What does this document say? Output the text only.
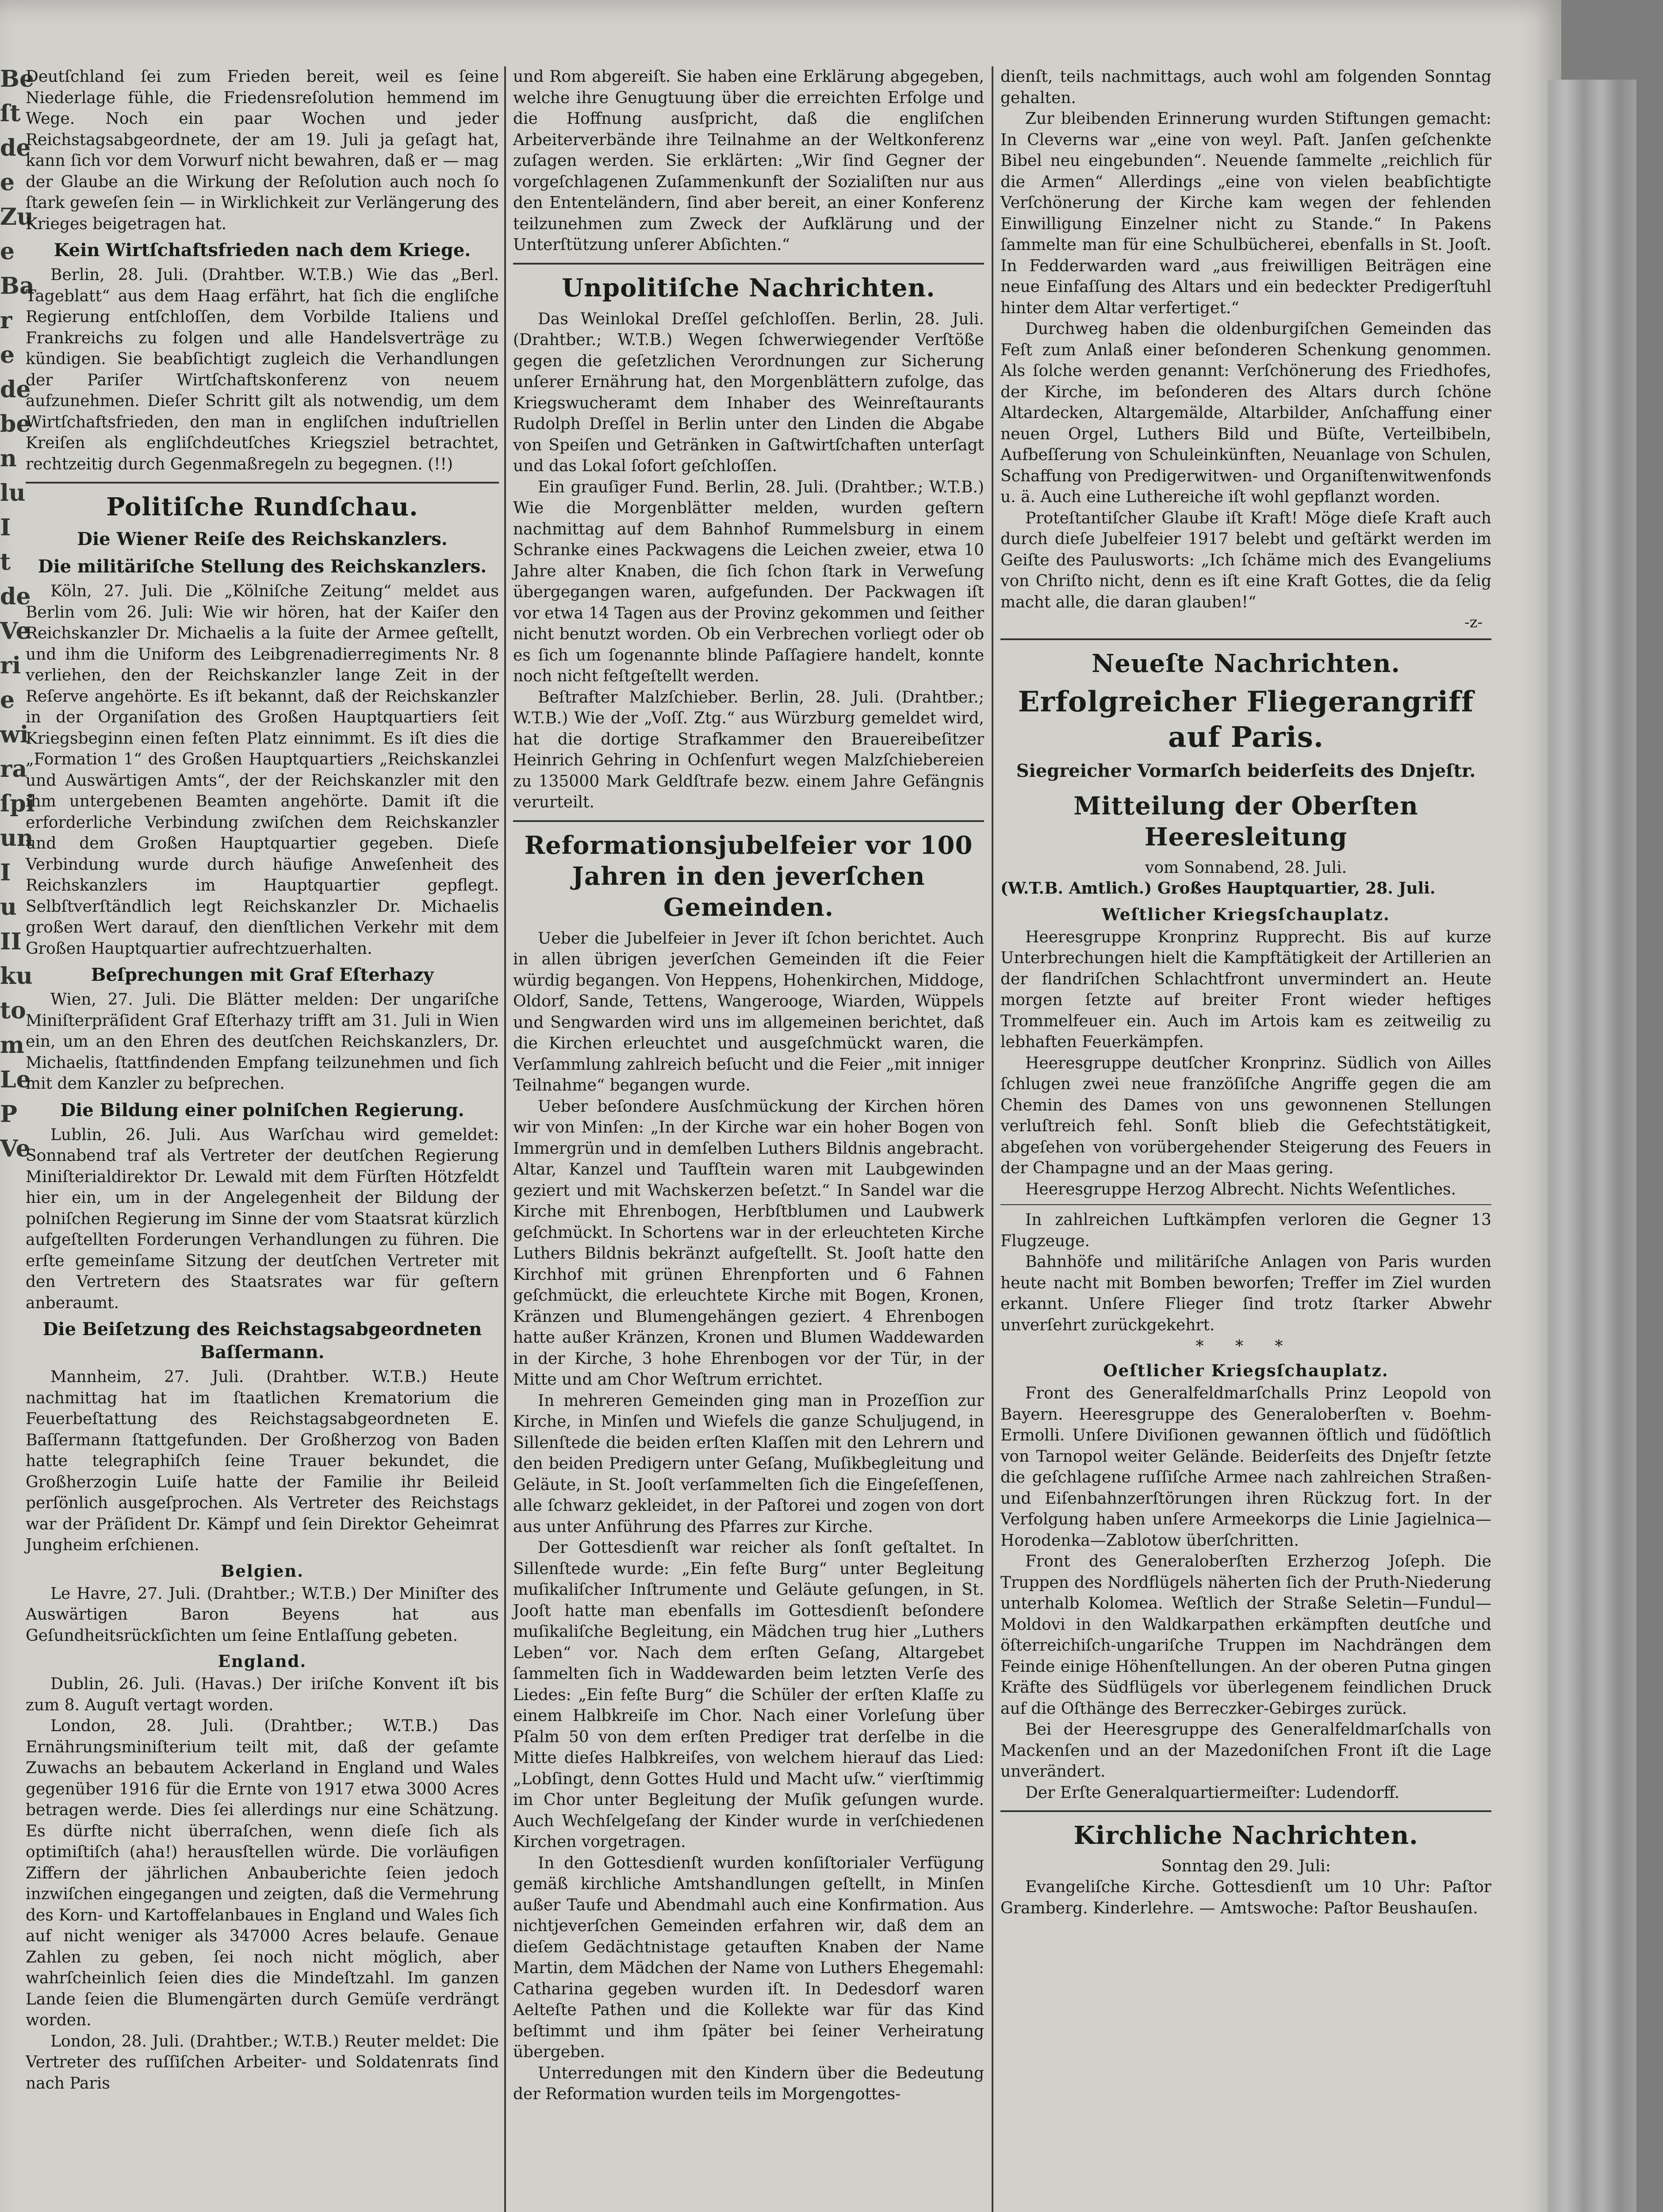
Be
ſt
de
e
Zu
e
Ba
r
e
de
be
n
lu
I
t
de
Ve
ri
e
wi
ra
ſpi
un
I
u
II
ku
to
m
Le
P
Ve

Deutſchland ſei zum Frieden bereit, weil es ſeine Niederlage fühle, die Friedensreſolution hemmend im Wege. Noch ein paar Wochen und jeder Reichstagsabgeordnete, der am 19. Juli ja geſagt hat, kann ſich vor dem Vorwurf nicht bewahren, daß er — mag der Glaube an die Wirkung der Reſolution auch noch ſo ſtark geweſen ſein — in Wirklichkeit zur Verlängerung des Krieges beigetragen hat.

Kein Wirtſchaftsfrieden nach dem Kriege.

Berlin, 28. Juli. (Drahtber. W.T.B.) Wie das „Berl. Tageblatt“ aus dem Haag erfährt, hat ſich die engliſche Regierung entſchloſſen, dem Vorbilde Italiens und Frankreichs zu folgen und alle Handelsverträge zu kündigen. Sie beabſichtigt zugleich die Verhandlungen der Pariſer Wirtſchaftskonferenz von neuem aufzunehmen. Dieſer Schritt gilt als notwendig, um dem Wirtſchaftsfrieden, den man in engliſchen induſtriellen Kreiſen als engliſchdeutſches Kriegsziel betrachtet, rechtzeitig durch Gegenmaßregeln zu begegnen. (!!)

Politiſche Rundſchau.
Die Wiener Reiſe des Reichskanzlers.
Die militäriſche Stellung des Reichskanzlers.

Köln, 27. Juli. Die „Kölniſche Zeitung“ meldet aus Berlin vom 26. Juli: Wie wir hören, hat der Kaiſer den Reichskanzler Dr. Michaelis a la ſuite der Armee geſtellt, und ihm die Uniform des Leibgrenadierregiments Nr. 8 verliehen, den der Reichskanzler lange Zeit in der Reſerve angehörte. Es iſt bekannt, daß der Reichskanzler in der Organiſation des Großen Hauptquartiers ſeit Kriegsbeginn einen feſten Platz einnimmt. Es iſt dies die „Formation 1“ des Großen Hauptquartiers „Reichskanzlei und Auswärtigen Amts“, der der Reichskanzler mit den ihm untergebenen Beamten angehörte. Damit iſt die erforderliche Verbindung zwiſchen dem Reichskanzler und dem Großen Hauptquartier gegeben. Dieſe Verbindung wurde durch häufige Anweſenheit des Reichskanzlers im Hauptquartier gepflegt. Selbſtverſtändlich legt Reichskanzler Dr. Michaelis großen Wert darauf, den dienſtlichen Verkehr mit dem Großen Hauptquartier aufrechtzuerhalten.

Beſprechungen mit Graf Eſterhazy

Wien, 27. Juli. Die Blätter melden: Der ungariſche Miniſterpräſident Graf Eſterhazy trifft am 31. Juli in Wien ein, um an den Ehren des deutſchen Reichskanzlers, Dr. Michaelis, ſtattfindenden Empfang teilzunehmen und ſich mit dem Kanzler zu beſprechen.

Die Bildung einer polniſchen Regierung.

Lublin, 26. Juli. Aus Warſchau wird gemeldet: Sonnabend traf als Vertreter der deutſchen Regierung Miniſterialdirektor Dr. Lewald mit dem Fürſten Hötzfeldt hier ein, um in der Angelegenheit der Bildung der polniſchen Regierung im Sinne der vom Staatsrat kürzlich aufgeſtellten Forderungen Verhandlungen zu führen. Die erſte gemeinſame Sitzung der deutſchen Vertreter mit den Vertretern des Staatsrates war für geſtern anberaumt.

Die Beiſetzung des Reichstagsabgeordneten Baſſermann.

Mannheim, 27. Juli. (Drahtber. W.T.B.) Heute nachmittag hat im ſtaatlichen Krematorium die Feuerbeſtattung des Reichstagsabgeordneten E. Baſſermann ſtattgefunden. Der Großherzog von Baden hatte telegraphiſch ſeine Trauer bekundet, die Großherzogin Luiſe hatte der Familie ihr Beileid perſönlich ausgeſprochen. Als Vertreter des Reichstags war der Präſident Dr. Kämpf und ſein Direktor Geheimrat Jungheim erſchienen.

Belgien.

Le Havre, 27. Juli. (Drahtber.; W.T.B.) Der Miniſter des Auswärtigen Baron Beyens hat aus Geſundheitsrückſichten um ſeine Entlaſſung gebeten.

England.

Dublin, 26. Juli. (Havas.) Der iriſche Konvent iſt bis zum 8. Auguſt vertagt worden.

London, 28. Juli. (Drahtber.; W.T.B.) Das Ernährungsminiſterium teilt mit, daß der geſamte Zuwachs an bebautem Ackerland in England und Wales gegenüber 1916 für die Ernte von 1917 etwa 3000 Acres betragen werde. Dies ſei allerdings nur eine Schätzung. Es dürfte nicht überraſchen, wenn dieſe ſich als optimiſtiſch (aha!) herausſtellen würde. Die vorläufigen Ziffern der jährlichen Anbauberichte ſeien jedoch inzwiſchen eingegangen und zeigten, daß die Vermehrung des Korn- und Kartoffelanbaues in England und Wales ſich auf nicht weniger als 347000 Acres belaufe. Genaue Zahlen zu geben, ſei noch nicht möglich, aber wahrſcheinlich ſeien dies die Mindeſtzahl. Im ganzen Lande ſeien die Blumengärten durch Gemüſe verdrängt worden.

London, 28. Juli. (Drahtber.; W.T.B.) Reuter meldet: Die Vertreter des ruſſiſchen Arbeiter- und Soldatenrats ſind nach Paris

und Rom abgereiſt. Sie haben eine Erklärung abgegeben, welche ihre Genugtuung über die erreichten Erfolge und die Hoffnung ausſpricht, daß die engliſchen Arbeiterverbände ihre Teilnahme an der Weltkonferenz zuſagen werden. Sie erklärten: „Wir ſind Gegner der vorgeſchlagenen Zuſammenkunft der Sozialiſten nur aus den Ententeländern, ſind aber bereit, an einer Konferenz teilzunehmen zum Zweck der Aufklärung und der Unterſtützung unſerer Abſichten.“

Unpolitiſche Nachrichten.

Das Weinlokal Dreſſel geſchloſſen. Berlin, 28. Juli. (Drahtber.; W.T.B.) Wegen ſchwerwiegender Verſtöße gegen die geſetzlichen Verordnungen zur Sicherung unſerer Ernährung hat, den Morgenblättern zufolge, das Kriegswucheramt dem Inhaber des Weinreſtaurants Rudolph Dreſſel in Berlin unter den Linden die Abgabe von Speiſen und Getränken in Gaſtwirtſchaften unterſagt und das Lokal ſofort geſchloſſen.

Ein grauſiger Fund. Berlin, 28. Juli. (Drahtber.; W.T.B.) Wie die Morgenblätter melden, wurden geſtern nachmittag auf dem Bahnhof Rummelsburg in einem Schranke eines Packwagens die Leichen zweier, etwa 10 Jahre alter Knaben, die ſich ſchon ſtark in Verweſung übergegangen waren, aufgefunden. Der Packwagen iſt vor etwa 14 Tagen aus der Provinz gekommen und ſeither nicht benutzt worden. Ob ein Verbrechen vorliegt oder ob es ſich um ſogenannte blinde Paſſagiere handelt, konnte noch nicht feſtgeſtellt werden.

Beſtrafter Malzſchieber. Berlin, 28. Juli. (Drahtber.; W.T.B.) Wie der „Voſſ. Ztg.“ aus Würzburg gemeldet wird, hat die dortige Strafkammer den Brauereibeſitzer Heinrich Gehring in Ochſenfurt wegen Malzſchiebereien zu 135000 Mark Geldſtrafe bezw. einem Jahre Gefängnis verurteilt.

Reformationsjubelfeier vor 100 Jahren in den jeverſchen Gemeinden.

Ueber die Jubelfeier in Jever iſt ſchon berichtet. Auch in allen übrigen jeverſchen Gemeinden iſt die Feier würdig begangen. Von Heppens, Hohenkirchen, Middoge, Oldorf, Sande, Tettens, Wangerooge, Wiarden, Wüppels und Sengwarden wird uns im allgemeinen berichtet, daß die Kirchen erleuchtet und ausgeſchmückt waren, die Verſammlung zahlreich beſucht und die Feier „mit inniger Teilnahme“ begangen wurde.

Ueber beſondere Ausſchmückung der Kirchen hören wir von Minſen: „In der Kirche war ein hoher Bogen von Immergrün und in demſelben Luthers Bildnis angebracht. Altar, Kanzel und Taufſtein waren mit Laubgewinden geziert und mit Wachskerzen beſetzt.“ In Sandel war die Kirche mit Ehrenbogen, Herbſtblumen und Laubwerk geſchmückt. In Schortens war in der erleuchteten Kirche Luthers Bildnis bekränzt aufgeſtellt. St. Jooſt hatte den Kirchhof mit grünen Ehrenpforten und 6 Fahnen geſchmückt, die erleuchtete Kirche mit Bogen, Kronen, Kränzen und Blumengehängen geziert. 4 Ehrenbogen hatte außer Kränzen, Kronen und Blumen Waddewarden in der Kirche, 3 hohe Ehrenbogen vor der Tür, in der Mitte und am Chor Weſtrum errichtet.

In mehreren Gemeinden ging man in Prozeſſion zur Kirche, in Minſen und Wiefels die ganze Schuljugend, in Sillenſtede die beiden erſten Klaſſen mit den Lehrern und den beiden Predigern unter Geſang, Muſikbegleitung und Geläute, in St. Jooſt verſammelten ſich die Eingeſeſſenen, alle ſchwarz gekleidet, in der Paſtorei und zogen von dort aus unter Anführung des Pfarres zur Kirche.

Der Gottesdienſt war reicher als ſonſt geſtaltet. In Sillenſtede wurde: „Ein feſte Burg“ unter Begleitung muſikaliſcher Inſtrumente und Geläute geſungen, in St. Jooſt hatte man ebenfalls im Gottesdienſt beſondere muſikaliſche Begleitung, ein Mädchen trug hier „Luthers Leben“ vor. Nach dem erſten Geſang, Altargebet ſammelten ſich in Waddewarden beim letzten Verſe des Liedes: „Ein feſte Burg“ die Schüler der erſten Klaſſe zu einem Halbkreiſe im Chor. Nach einer Vorleſung über Pſalm 50 von dem erſten Prediger trat derſelbe in die Mitte dieſes Halbkreiſes, von welchem hierauf das Lied: „Lobſingt, denn Gottes Huld und Macht uſw.“ vierſtimmig im Chor unter Begleitung der Muſik geſungen wurde. Auch Wechſelgeſang der Kinder wurde in verſchiedenen Kirchen vorgetragen.

In den Gottesdienſt wurden konſiſtorialer Verfügung gemäß kirchliche Amtshandlungen geſtellt, in Minſen außer Taufe und Abendmahl auch eine Konfirmation. Aus nichtjeverſchen Gemeinden erfahren wir, daß dem an dieſem Gedächtnistage getauften Knaben der Name Martin, dem Mädchen der Name von Luthers Ehegemahl: Catharina gegeben wurden iſt. In Dedesdorf waren Aelteſte Pathen und die Kollekte war für das Kind beſtimmt und ihm ſpäter bei ſeiner Verheiratung übergeben.

Unterredungen mit den Kindern über die Bedeutung der Reformation wurden teils im Morgengottes-

dienſt, teils nachmittags, auch wohl am folgenden Sonntag gehalten.

Zur bleibenden Erinnerung wurden Stiftungen gemacht: In Cleverns war „eine von weyl. Paſt. Janſen geſchenkte Bibel neu eingebunden“. Neuende ſammelte „reichlich für die Armen“ Allerdings „eine von vielen beabſichtigte Verſchönerung der Kirche kam wegen der fehlenden Einwilligung Einzelner nicht zu Stande.“ In Pakens ſammelte man für eine Schulbücherei, ebenfalls in St. Jooſt. In Fedderwarden ward „aus freiwilligen Beiträgen eine neue Einfaſſung des Altars und ein bedeckter Predigerſtuhl hinter dem Altar verfertiget.“

Durchweg haben die oldenburgiſchen Gemeinden das Feſt zum Anlaß einer beſonderen Schenkung genommen. Als ſolche werden genannt: Verſchönerung des Friedhofes, der Kirche, im beſonderen des Altars durch ſchöne Altardecken, Altargemälde, Altarbilder, Anſchaffung einer neuen Orgel, Luthers Bild und Büſte, Verteilbibeln, Aufbeſſerung von Schuleinkünften, Neuanlage von Schulen, Schaffung von Predigerwitwen- und Organiſtenwitwenfonds u. ä. Auch eine Luthereiche iſt wohl gepflanzt worden.

Proteſtantiſcher Glaube iſt Kraft! Möge dieſe Kraft auch durch dieſe Jubelfeier 1917 belebt und geſtärkt werden im Geiſte des Paulusworts: „Ich ſchäme mich des Evangeliums von Chriſto nicht, denn es iſt eine Kraft Gottes, die da ſelig macht alle, die daran glauben!“

-z-
Neueſte Nachrichten.
Erfolgreicher Fliegerangriff auf Paris.
Siegreicher Vormarſch beiderſeits des Dnjeſtr.
Mitteilung der Oberſten Heeresleitung

vom Sonnabend, 28. Juli.

(W.T.B. Amtlich.) Großes Hauptquartier, 28. Juli.

Weſtlicher Kriegsſchauplatz.

Heeresgruppe Kronprinz Rupprecht. Bis auf kurze Unterbrechungen hielt die Kampftätigkeit der Artillerien an der flandriſchen Schlachtfront unvermindert an. Heute morgen ſetzte auf breiter Front wieder heftiges Trommelfeuer ein. Auch im Artois kam es zeitweilig zu lebhaften Feuerkämpfen.

Heeresgruppe deutſcher Kronprinz. Südlich von Ailles ſchlugen zwei neue franzöſiſche Angriffe gegen die am Chemin des Dames von uns gewonnenen Stellungen verluſtreich fehl. Sonſt blieb die Gefechtstätigkeit, abgeſehen von vorübergehender Steigerung des Feuers in der Champagne und an der Maas gering.

Heeresgruppe Herzog Albrecht. Nichts Weſentliches.

In zahlreichen Luftkämpfen verloren die Gegner 13 Flugzeuge.

Bahnhöfe und militäriſche Anlagen von Paris wurden heute nacht mit Bomben beworfen; Treffer im Ziel wurden erkannt. Unſere Flieger ſind trotz ſtarker Abwehr unverſehrt zurückgekehrt.

* * *
Oeſtlicher Kriegsſchauplatz.

Front des Generalfeldmarſchalls Prinz Leopold von Bayern. Heeresgruppe des Generaloberſten v. Boehm-Ermolli. Unſere Diviſionen gewannen öſtlich und ſüdöſtlich von Tarnopol weiter Gelände. Beiderſeits des Dnjeſtr ſetzte die geſchlagene ruſſiſche Armee nach zahlreichen Straßen- und Eiſenbahnzerſtörungen ihren Rückzug fort. In der Verfolgung haben unſere Armeekorps die Linie Jagielnica—Horodenka—Zablotow überſchritten.

Front des Generaloberſten Erzherzog Joſeph. Die Truppen des Nordflügels näherten ſich der Pruth-Niederung unterhalb Kolomea. Weſtlich der Straße Seletin—Fundul—Moldovi in den Waldkarpathen erkämpften deutſche und öſterreichiſch-ungariſche Truppen im Nachdrängen dem Feinde einige Höhenſtellungen. An der oberen Putna gingen Kräfte des Südflügels vor überlegenem feindlichen Druck auf die Oſthänge des Berreczker-Gebirges zurück.

Bei der Heeresgruppe des Generalfeldmarſchalls von Mackenſen und an der Mazedoniſchen Front iſt die Lage unverändert.

Der Erſte Generalquartiermeiſter: Ludendorff.

Kirchliche Nachrichten.

Sonntag den 29. Juli:

Evangeliſche Kirche. Gottesdienſt um 10 Uhr: Paſtor Gramberg. Kinderlehre. — Amtswoche: Paſtor Beushauſen.
